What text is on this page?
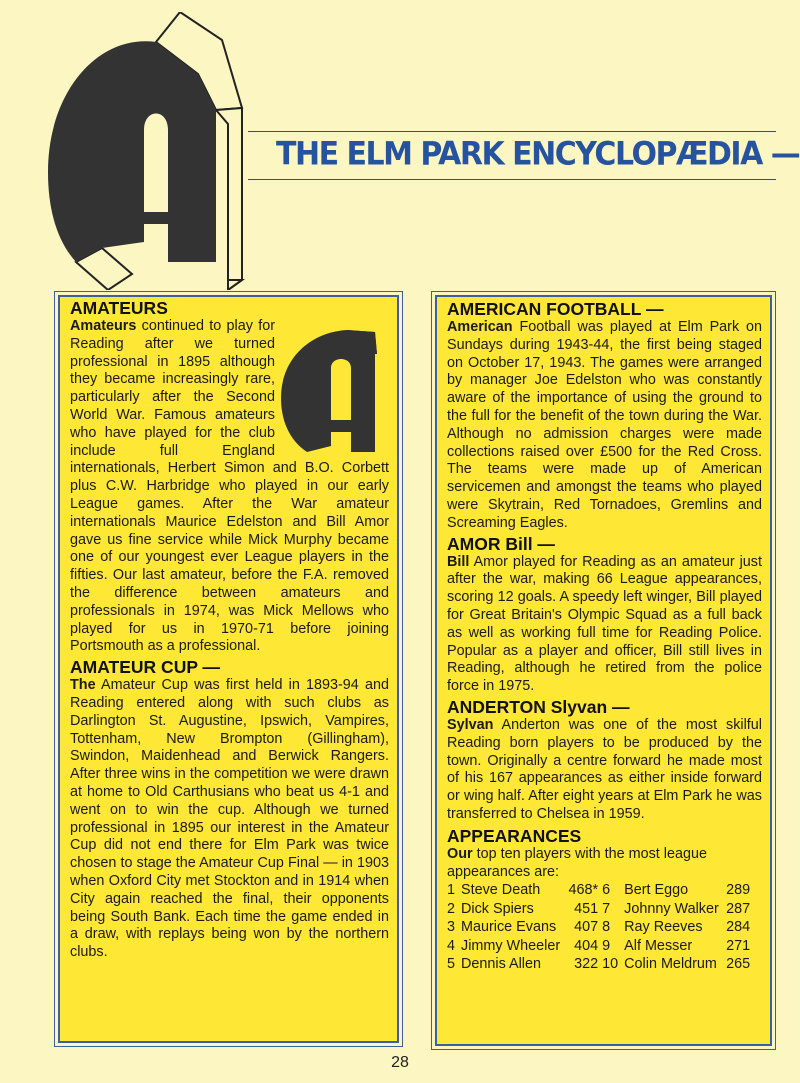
THE ELM PARK ENCYCLOPÆDIA —
AMATEURS

Amateurs continued to play for Reading after we turned professional in 1895 although they became increasingly rare, particularly after the Second World War. Famous amateurs who have played for the club include full England internationals, Herbert Simon and B.O. Corbett plus C.W. Harbridge who played in our early League games. After the War amateur internationals Maurice Edelston and Bill Amor gave us fine service while Mick Murphy became one of our youngest ever League players in the fifties. Our last amateur, before the F.A. removed the difference between amateurs and professionals in 1974, was Mick Mellows who played for us in 1970-71 before joining Portsmouth as a professional.

AMATEUR CUP —

The Amateur Cup was first held in 1893-94 and Reading entered along with such clubs as Darlington St. Augustine, Ipswich, Vampires, Tottenham, New Brompton (Gillingham), Swindon, Maidenhead and Berwick Rangers. After three wins in the competition we were drawn at home to Old Carthusians who beat us 4-1 and went on to win the cup. Although we turned professional in 1895 our interest in the Amateur Cup did not end there for Elm Park was twice chosen to stage the Amateur Cup Final — in 1903 when Oxford City met Stockton and in 1914 when City again reached the final, their opponents being South Bank. Each time the game ended in a draw, with replays being won by the northern clubs.

AMERICAN FOOTBALL —

American Football was played at Elm Park on Sundays during 1943-44, the first being staged on October 17, 1943. The games were arranged by manager Joe Edelston who was constantly aware of the importance of using the ground to the full for the benefit of the town during the War. Although no admission charges were made collections raised over £500 for the Red Cross. The teams were made up of American servicemen and amongst the teams who played were Skytrain, Red Tornadoes, Gremlins and Screaming Eagles.

AMOR Bill —

Bill Amor played for Reading as an amateur just after the war, making 66 League appearances, scoring 12 goals. A speedy left winger, Bill played for Great Britain's Olympic Squad as a full back as well as working full time for Reading Police. Popular as a player and officer, Bill still lives in Reading, although he retired from the police force in 1975.

ANDERTON Slyvan —

Sylvan Anderton was one of the most skilful Reading born players to be produced by the town. Originally a centre forward he made most of his 167 appearances as either inside forward or wing half. After eight years at Elm Park he was transferred to Chelsea in 1959.

APPEARANCES

Our top ten players with the most league appearances are:

1	Steve Death	468*	6	Bert Eggo	289
2	Dick Spiers	451	7	Johnny Walker	287
3	Maurice Evans	407	8	Ray Reeves	284
4	Jimmy Wheeler	404	9	Alf Messer	271
5	Dennis Allen	322	10	Colin Meldrum	265
28
